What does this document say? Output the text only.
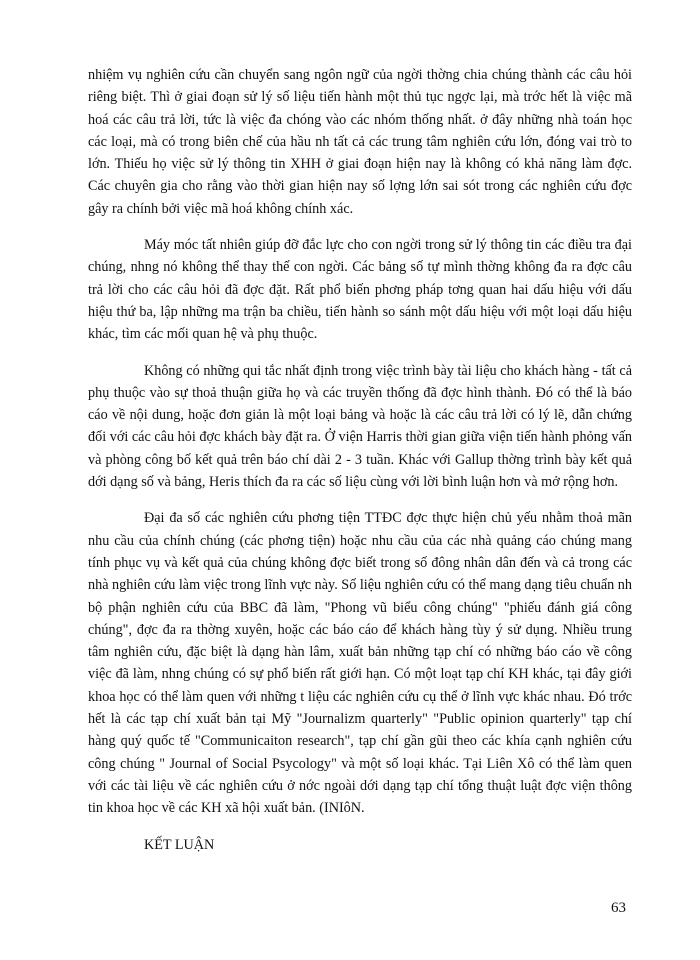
nhiệm vụ nghiên cứu cần chuyển sang ngôn ngữ của ngời thờng chia chúng thành các câu hỏi riêng biệt. Thì ở giai đoạn sử lý số liệu tiến hành một thủ tục ngợc lại, mà trớc hết là việc mã hoá các câu trả lời, tức là việc đa chóng vào các nhóm thống nhất. ở đây những nhà toán học các loại, mà có trong biên chế của hầu nh tất cả các trung tâm nghiên cứu lớn, đóng vai trò to lớn. Thiếu họ việc sử lý thông tin XHH ở giai đoạn hiện nay là không có khả năng làm đợc. Các chuyên gia cho rằng vào thời gian hiện nay số lợng lớn sai sót trong các nghiên cứu đợc gây ra chính bởi việc mã hoá không chính xác.

Máy móc tất nhiên giúp đỡ đắc lực cho con ngời trong sử lý thông tin các điều tra đại chúng, nhng nó không thể thay thế con ngời. Các bảng số tự mình thờng không đa ra đợc câu trả lời cho các câu hỏi đã đợc đặt. Rất phổ biến phơng pháp tơng quan hai dấu hiệu với dấu hiệu thứ ba, lập những ma trận ba chiều, tiến hành so sánh một dấu hiệu với một loại dấu hiệu khác, tìm các mối quan hệ và phụ thuộc.

Không có những qui tắc nhất định trong việc trình bày tài liệu cho khách hàng - tất cả phụ thuộc vào sự thoả thuận giữa họ và các truyền thống đã đợc hình thành. Đó có thể là báo cáo về nội dung, hoặc đơn giản là một loại bảng và hoặc là các câu trả lời có lý lẽ, dẫn chứng đối với các câu hỏi đợc khách bày đặt ra. Ở viện Harris thời gian giữa viện tiến hành phỏng vấn và phòng công bố kết quả trên báo chí dài 2 - 3 tuần. Khác với Gallup thờng trình bày kết quả dới dạng số và bảng, Heris thích đa ra các số liệu cùng với lời bình luận hơn và mở rộng hơn.

Đại đa số các nghiên cứu phơng tiện TTĐC đợc thực hiện chủ yếu nhằm thoả mãn nhu cầu của chính chúng (các phơng tiện) hoặc nhu cầu của các nhà quảng cáo chúng mang tính phục vụ và kết quả của chúng không đợc biết trong số đông nhân dân đến và cả trong các nhà nghiên cứu làm việc trong lĩnh vực này. Số liệu nghiên cứu có thể mang dạng tiêu chuẩn nh bộ phận nghiên cứu của BBC đã làm, "Phong vũ biểu công chúng" "phiếu đánh giá công chúng", đợc đa ra thờng xuyên, hoặc các báo cáo để khách hàng tùy ý sử dụng. Nhiều trung tâm nghiên cứu, đặc biệt là dạng hàn lâm, xuất bản những tạp chí có những báo cáo về công việc đã làm, nhng chúng có sự phổ biến rất giới hạn. Có một loạt tạp chí KH khác, tại đây giới khoa học có thể làm quen với những t liệu các nghiên cứu cụ thể ở lĩnh vực khác nhau. Đó trớc hết là các tạp chí xuất bản tại Mỹ "Journalizm quarterly" "Public opinion quarterly" tạp chí hàng quý quốc tế "Communicaiton research", tạp chí gần gũi theo các khía cạnh nghiên cứu công chúng " Journal of Social Psycology" và một số loại khác. Tại Liên Xô có thể làm quen với các tài liệu về các nghiên cứu ở nớc ngoài dới dạng tạp chí tổng thuật luật đợc viện thông tin khoa học về các KH xã hội xuất bản. (INIôN.

KẾT LUẬN

63
